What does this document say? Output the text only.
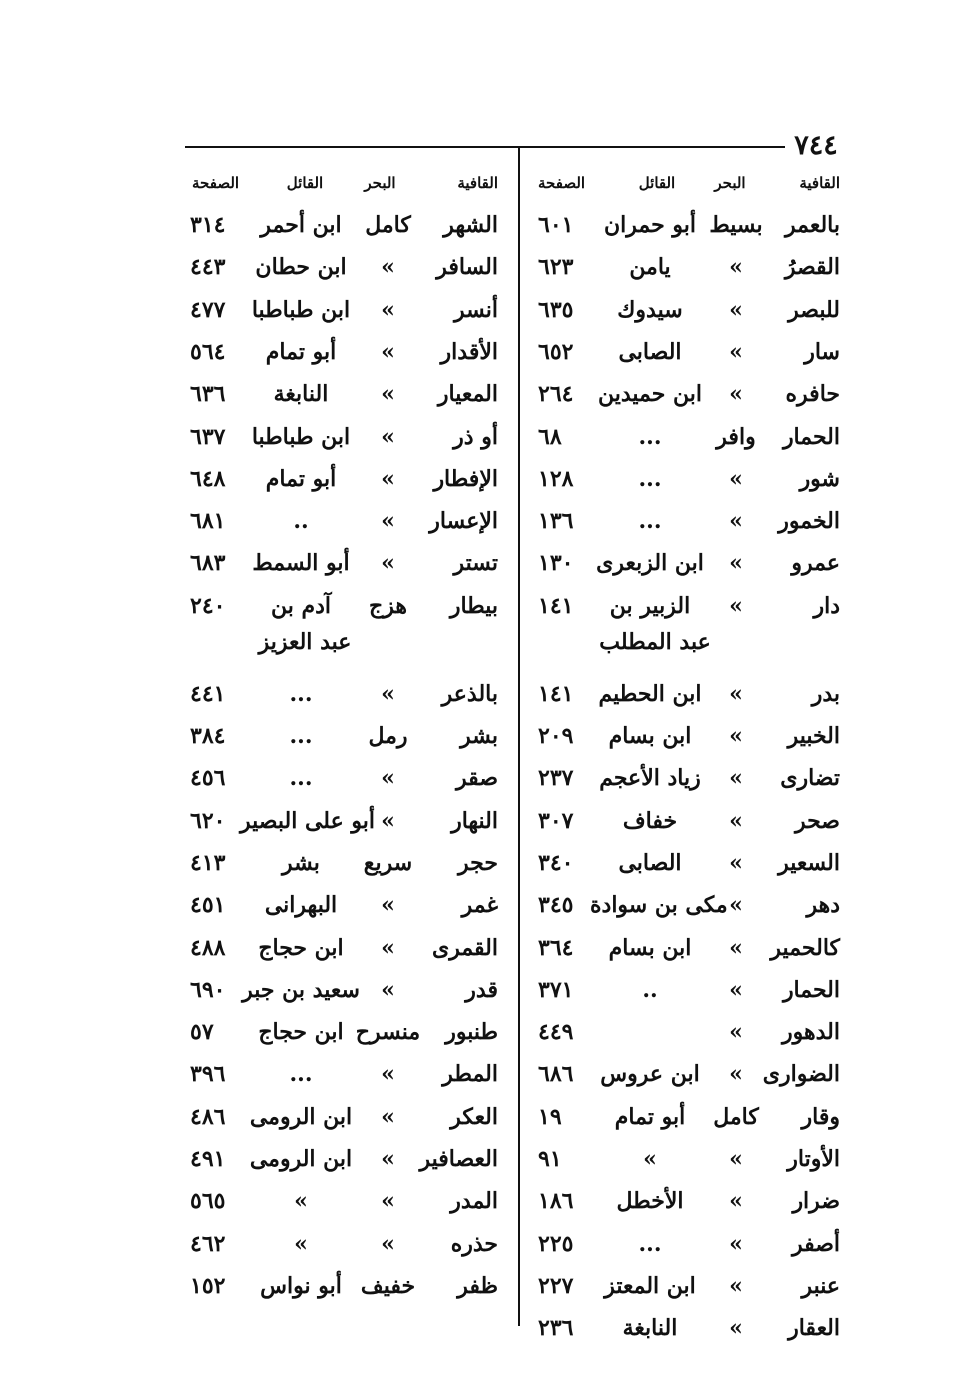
٧٤٤
القافية
البحر
القائل
الصفحة
القافية
البحر
القائل
الصفحة
بالعمر
بسيط
أبو حمران
٦٠١
القصرُ
«
يامن
٦٢٣
للبصر
«
سيدوك
٦٣٥
سار
«
الصابى
٦٥٢
حافره
«
ابن حميدين
٢٦٤
الحمار
وافر
...
٦٨
شور
«
...
١٢٨
الخمور
«
...
١٣٦
عمرو
«
ابن الزبعرى
١٣٠
دار
«
الزبير بن
١٤١
عبد المطلب
بدر
«
ابن الحطيم
١٤١
الخبير
«
ابن بسام
٢٠٩
تضارى
«
زياد الأعجم
٢٣٧
صحر
«
خفاف
٣٠٧
السعير
«
الصابى
٣٤٠
دهر
«
مكى بن سوادة
٣٤٥
كالحمير
«
ابن بسام
٣٦٤
الحمار
«
..
٣٧١
الدهور
«
٤٤٩
الضوارى
«
ابن عروس
٦٨٦
وقار
كامل
أبو تمام
١٩
الأوتار
«
«
٩١
ضرار
«
الأخطل
١٨٦
أصفر
«
...
٢٢٥
عنبر
«
ابن المعتز
٢٢٧
العقار
«
النابغة
٢٣٦
الشهر
كامل
ابن أحمر
٣١٤
السافر
«
ابن حطان
٤٤٣
أنسر
«
ابن طباطبا
٤٧٧
الأقدار
«
أبو تمام
٥٦٤
المعيار
«
النابغة
٦٣٦
أو ذر
«
ابن طباطبا
٦٣٧
الإفطار
«
أبو تمام
٦٤٨
الإعسار
«
..
٦٨١
تستر
«
أبو السمط
٦٨٣
بيطار
هزج
آدم بن
٢٤٠
عبد العزيز
بالذعر
«
...
٤٤١
بشر
رمل
...
٣٨٤
صقر
«
...
٤٥٦
النهار
«
أبو على البصير
٦٢٠
حجر
سريع
بشر
٤١٣
غمر
«
البهرانى
٤٥١
القمرى
«
ابن حجاج
٤٨٨
قدر
«
سعيد بن جبر
٦٩٠
طنبور
منسرح
ابن حجاج
٥٧
المطر
«
...
٣٩٦
العكر
«
ابن الرومى
٤٨٦
العصافير
«
ابن الرومى
٤٩١
المدر
«
«
٥٦٥
حذره
«
«
٤٦٢
ظفر
خفيف
أبو نواس
١٥٢
